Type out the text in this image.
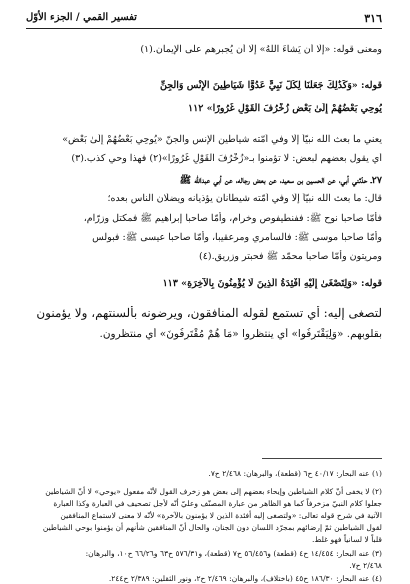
٣١٦
تفسير القمي / الجزء الأوّل
ومعنى قوله: «إلَّا أن يَشاءَ اللهُ» إلَّا أن يُجبرهم على الإيمان.(١)
قوله: «وَكَذَٰلِكَ جَعَلْنَا لِكُلِّ نَبِيٍّ عَدُوًّا شَيَاطِينَ الْإِنْسِ وَالْجِنِّ
يُوحِي بَعْضُهُمْ إِلَىٰ بَعْضٍ زُخْرُفَ الْقَوْلِ غُرُورًا» ١١٢
يعني ما بعث الله نبيّاً إلَّا وفي اُمّته شياطين الإنس والجنّ «يُوحِي بَعْضُهُمْ إِلَىٰ بَعْضٍ»
أي يقول بعضهم لبعض: لا تؤمنوا بـ«زُخْرُفَ الْقَوْلِ غُرُورًا»(٢) فهذا وحي كذب.(٣)
٢٧ـ حدّثني أبي، عن الحسين بن سعيد، عن بعض رجاله، عن أبي عبدالله ﷺ
قال: ما بعث الله نبيّاً إلَّا وفي اُمّته شيطانان يؤذيانه ويضلّان الناس بعده؛
فأمّا صاحبا نوح ﷺ: ففنطيفوص وخرام، وأمّا صاحبا إبراهيم ﷺ فمكتل وزرّام،
وأمّا صاحبا موسى ﷺ: فالسامري ومرعقيبا، وأمّا صاحبا عيسى ﷺ: فبولس
ومريتون وأمّا صاحبا محمّد ﷺ فحبتر وزريق.(٤)
قوله: «وَلِتَصْغَىٰ إِلَيْهِ أَفْئِدَةُ الَّذِينَ لَا يُؤْمِنُونَ بِالْآخِرَةِ» ١١٣
لتصغى إليه: أي تستمع لقوله المنافقون، ويرضونه بألسنتهم، ولا يؤمنون
بقلوبهم. «وَلِيَقْتَرِفُوا» أي ينتظروا «مَا هُمْ مُقْتَرِفُونَ» أي منتظرون.
(١) عنه البحار: ٤٠/١٧ ح٦ (قطعة)، والبرهان: ٢/٤٦٨ ح٧.
(٢) لا يخفى أنّ كلام الشياطين وإيحاء بعضهم إلى بعض هو زخرف القول لأنّه مفعول «يوحي» لا أنّ الشياطين
جعلوا كلام النبيّ مزخرفاً كما هو الظاهر من عبارة المصنّف وعليّ أنّه لأجل تصحيف في العبارة وكذا العبارة
الآتية في شرح قوله تعالى: «ولتصغى إليه أفئدة الذين لا يؤمنون بالآخرة» لأنّه لا معنى لاستماع المنافقين
لقول الشياطين ثمّ إرضائهم بمجرّد اللسان دون الجنان، والحال أنّ المنافقين شأنهم أن يؤمنوا بوحي الشياطين
قلباً لا لسانياً فهو غلط.
(٣) عنه البحار: ١٤/٤٥٤ ح٤ (قطعة) و٥٦/٤٥٦ ح٧ (قطعة)، و٥٧٦/٣١ ح٦٣ و٦٦/٢٦ ح١٠، والبرهان:
٢/٤٦٨ ح٧.
(٤) عنه البحار: ١٨٦/٣٠ ح٤٥ (باختلاف)، والبرهان: ٢/٤٦٩ ح٢، ونور الثقلين: ٢/٣٨٩ ح٢٤٤.
